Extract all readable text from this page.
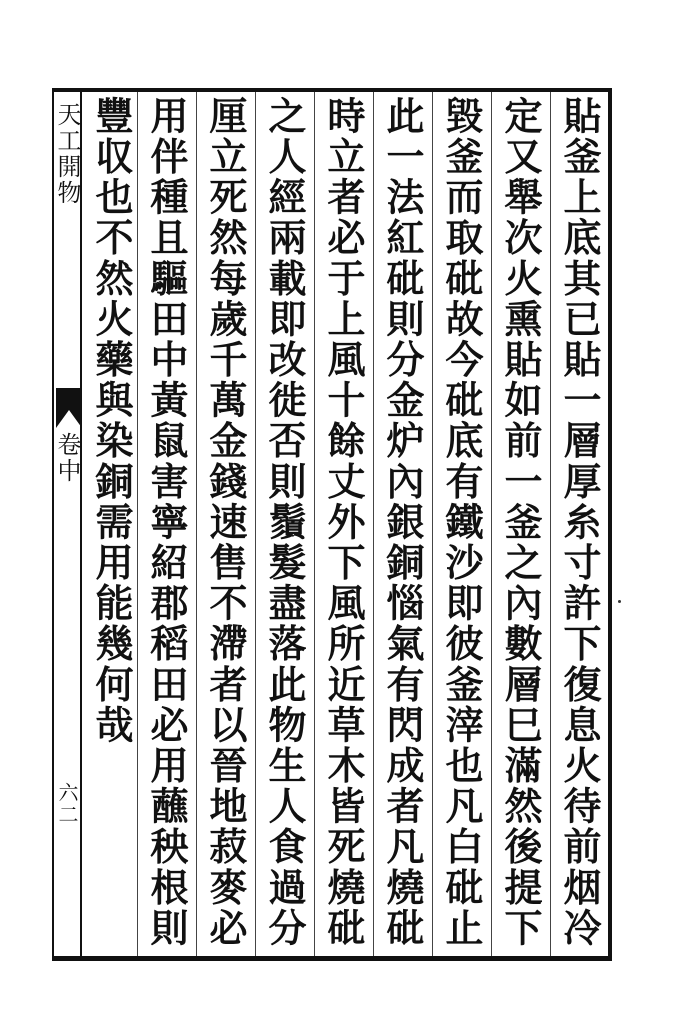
天工開物
卷中
六二	貼釜上底其已貼一層厚糸寸許下復息火待前烟冷
定又舉次火熏貼如前一釜之內數層巳滿然後提下
毀釜而取砒故今砒底有鐵沙即彼釜滓也凡白砒止
此一法紅砒則分金炉內銀銅惱氣有閃成者凡燒砒
時立者必于上風十餘丈外下風所近草木皆死燒砒
之人經兩載即改徙否則鬚髮盡落此物生人食過分
厘立死然每歲千萬金錢速售不滯者以晉地菽麥必
用伴種且驅田中黃鼠害寧紹郡稻田必用蘸秧根則
豐収也不然火藥與染銅需用能幾何哉
